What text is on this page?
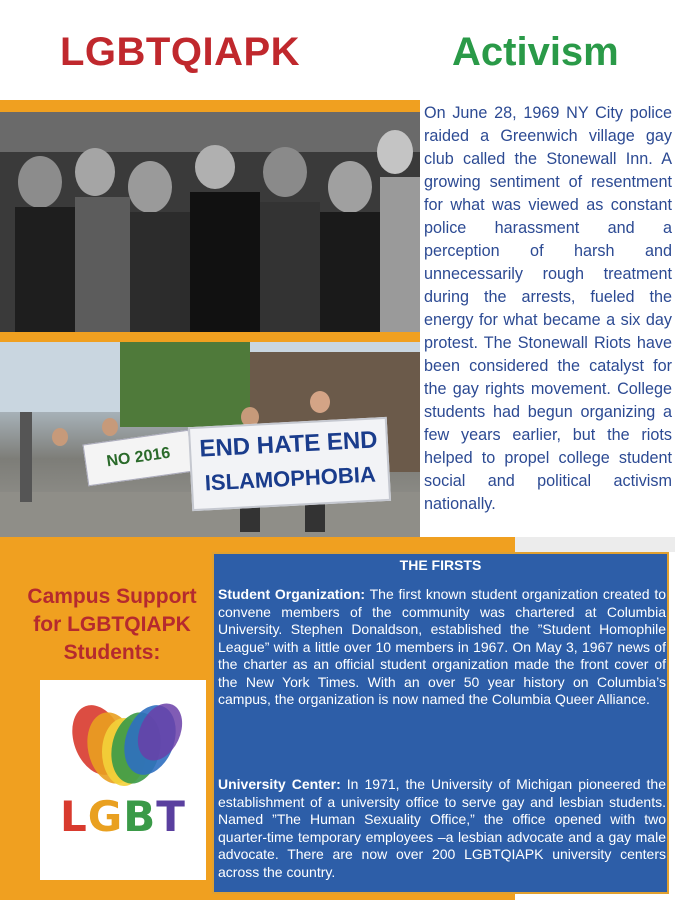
LGBTQIAPK	Activism
NO 2016	END HATE END
ISLAMOPHOBIA

On June 28, 1969 NY City police raided a Greenwich village gay club called the Stonewall Inn. A growing sentiment of resentment for what was viewed as constant police harassment and a perception of harsh and unnecessarily rough treatment during the arrests, fueled the energy for what became a six day protest. The Stonewall Riots have been considered the catalyst for the gay rights movement. College students had begun organizing a few years earlier, but the riots helped to propel college student social and political activism nationally.

Campus Support for LGBTQIAPK Students:
LGBT
THE FIRSTS

Student Organization: The first known student organization created to convene members of the community was chartered at Columbia University. Stephen Donaldson, established the ”Student Homophile League” with a little over 10 members in 1967. On May 3, 1967 news of the charter as an official student organization made the front cover of the New York Times. With an over 50 year history on Columbia’s campus, the organization is now named the Columbia Queer Alliance.

University Center: In 1971, the University of Michigan pioneered the establishment of a university office to serve gay and lesbian students. Named ”The Human Sexuality Office,” the office opened with two quarter-time temporary employees –a lesbian advocate and a gay male advocate. There are now over 200 LGBTQIAPK university centers across the country.
